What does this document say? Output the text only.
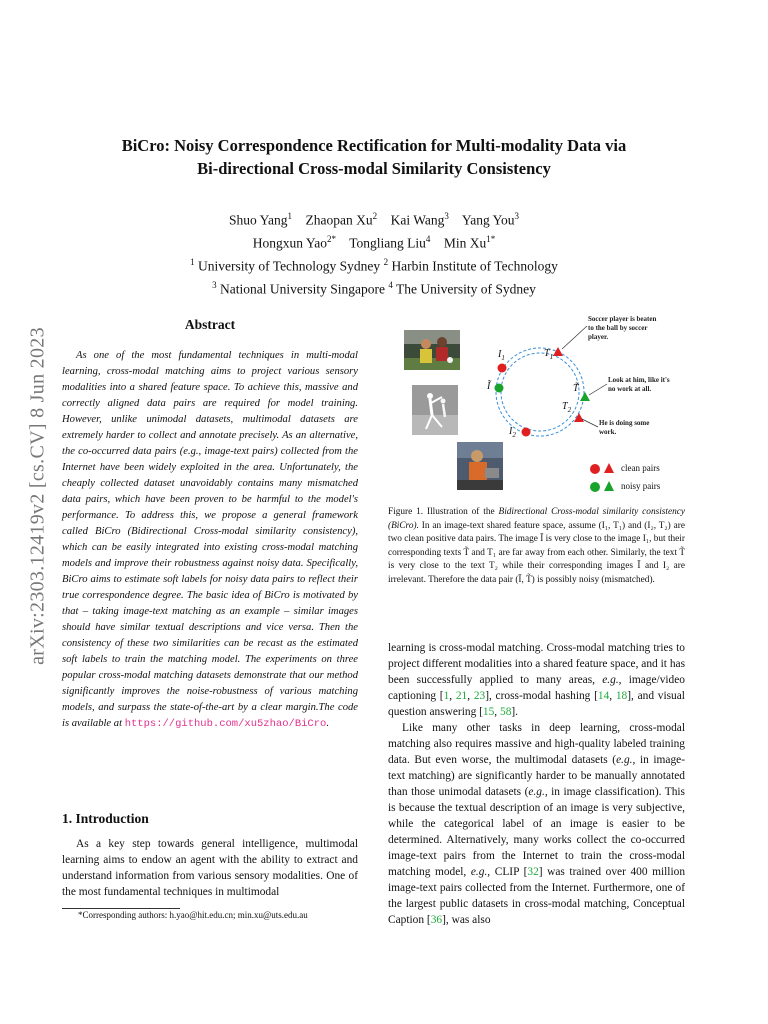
arXiv:2303.12419v2 [cs.CV] 8 Jun 2023
BiCro: Noisy Correspondence Rectification for Multi-modality Data via
Bi-directional Cross-modal Similarity Consistency
Shuo Yang$^1$ Zhaopan Xu$^2$ Kai Wang$^3$ Yang You$^3$
Hongxun Yao$^{2*}$ Tongliang Liu$^4$ Min $Xu^{1*}$
$^1$ University of Technology Sydney $^2$ Harbin Institute of Technology
$^3$ National University Singapore $^4$ The University of Sydney
Abstract
As one of the most fundamental techniques in multi-modal learning, cross-modal matching aims to project various sensory modalities into a shared feature space. To achieve this, massive and correctly aligned data pairs are required for model training. However, unlike unimodal datasets, multimodal datasets are extremely harder to collect and annotate precisely. As an alternative, the co-occurred data pairs (e.g., image-text pairs) collected from the Internet have been widely exploited in the area. Unfortunately, the cheaply collected dataset unavoidably contains many mismatched data pairs, which have been proven to be harmful to the model's performance. To address this, we propose a general framework called BiCro (Bidirectional Cross-modal similarity consistency), which can be easily integrated into existing cross-modal matching models and improve their robustness against noisy data. Specifically, BiCro aims to estimate soft labels for noisy data pairs to reflect their true correspondence degree. The basic idea of BiCro is motivated by that – taking image-text matching as an example – similar images should have similar textual descriptions and vice versa. Then the consistency of these two similarities can be recast as the estimated soft labels to train the matching model. The experiments on three popular cross-modal matching datasets demonstrate that our method significantly improves the noise-robustness of various matching models, and surpass the state-of-the-art by a clear margin.The code is available at https://github.com/xu5zhao/BiCro.
1. Introduction
As a key step towards general intelligence, multimodal learning aims to endow an agent with the ability to extract and understand information from various sensory modalities. One of the most fundamental techniques in multimodal
*Corresponding authors: h.yao@hit.edu.cn; min.xu@uts.edu.au
$I_1$
Ĩ
$I_2$
$T_1$
T̃
$T_2$
Soccer player is beaten to the ball by soccer player.
Look at him, like it's no work at all.
He is doing some work.
clean pairs
noisy pairs
Figure 1. Illustration of the Bidirectional Cross-modal similarity consistency (BiCro). In an image-text shared feature space, assume (I₁, T₁) and (I₂, T₂) are two clean positive data pairs. The image Ĩ is very close to the image I₁, but their corresponding texts T̃ and T₁ are far away from each other. Similarly, the text T̃ is very close to the text T₂ while their corresponding images Ĩ and I₂ are irrelevant. Therefore the data pair (Ĩ, T̃) is possibly noisy (mismatched).

learning is cross-modal matching. Cross-modal matching tries to project different modalities into a shared feature space, and it has been successfully applied to many areas, e.g., image/video captioning [1, 21, 23], cross-modal hashing [14, 18], and visual question answering [15, 58].

Like many other tasks in deep learning, cross-modal matching also requires massive and high-quality labeled training data. But even worse, the multimodal datasets (e.g., in image-text matching) are significantly harder to be manually annotated than those unimodal datasets (e.g., in image classification). This is because the textual description of an image is very subjective, while the categorical label of an image is easier to be determined. Alternatively, many works collect the co-occurred image-text pairs from the Internet to train the cross-modal matching model, e.g., CLIP [32] was trained over 400 million image-text pairs collected from the Internet. Furthermore, one of the largest public datasets in cross-modal matching, Conceptual Caption [36], was also
